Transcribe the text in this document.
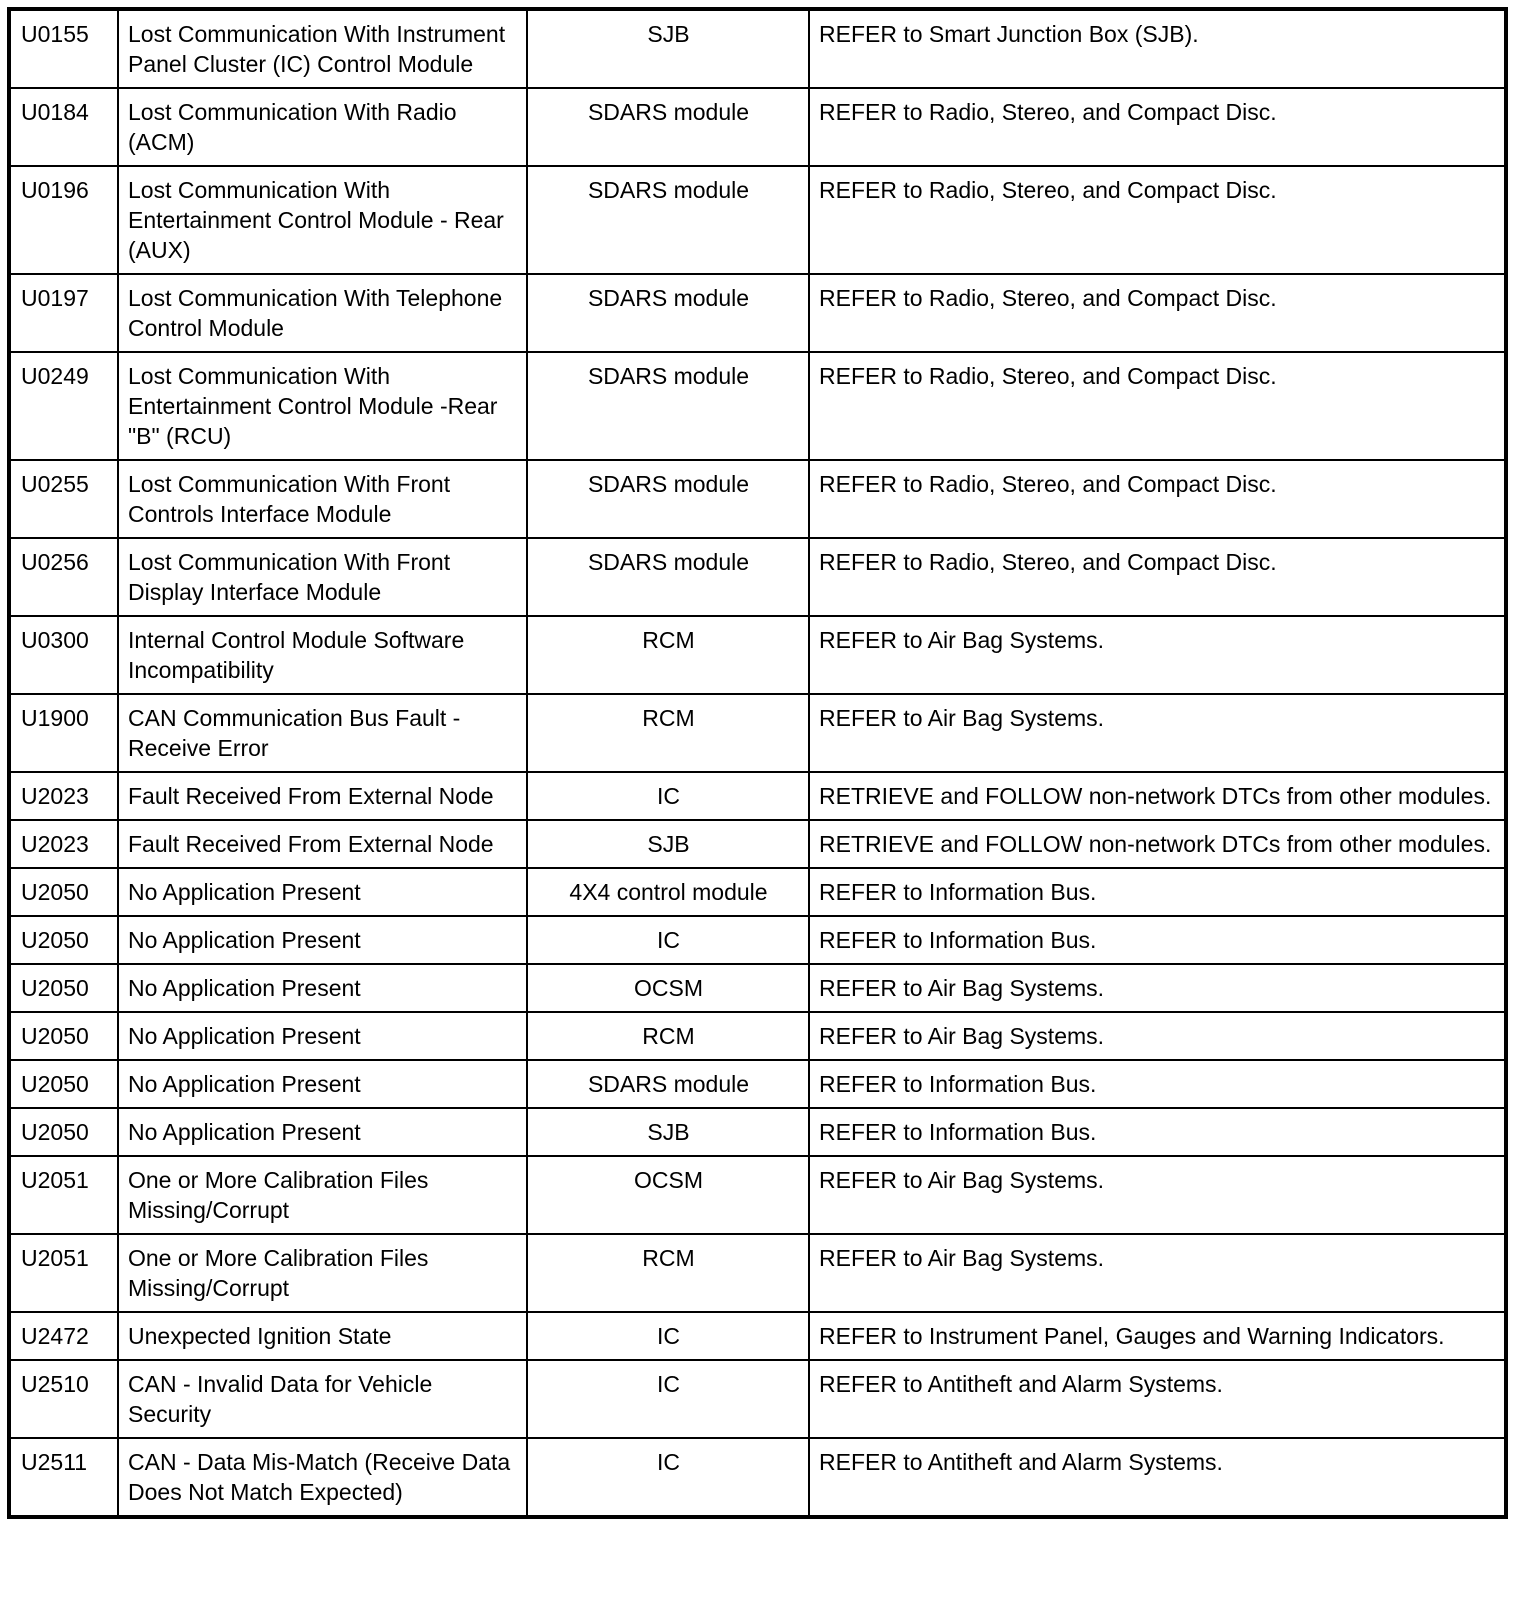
U0155	Lost Communication With Instrument Panel Cluster (IC) Control Module	SJB	REFER to Smart Junction Box (SJB).
U0184	Lost Communication With Radio (ACM)	SDARS module	REFER to Radio, Stereo, and Compact Disc.
U0196	Lost Communication With Entertainment Control Module - Rear (AUX)	SDARS module	REFER to Radio, Stereo, and Compact Disc.
U0197	Lost Communication With Telephone Control Module	SDARS module	REFER to Radio, Stereo, and Compact Disc.
U0249	Lost Communication With Entertainment Control Module -Rear "B" (RCU)	SDARS module	REFER to Radio, Stereo, and Compact Disc.
U0255	Lost Communication With Front Controls Interface Module	SDARS module	REFER to Radio, Stereo, and Compact Disc.
U0256	Lost Communication With Front Display Interface Module	SDARS module	REFER to Radio, Stereo, and Compact Disc.
U0300	Internal Control Module Software Incompatibility	RCM	REFER to Air Bag Systems.
U1900	CAN Communication Bus Fault - Receive Error	RCM	REFER to Air Bag Systems.
U2023	Fault Received From External Node	IC	RETRIEVE and FOLLOW non-network DTCs from other modules.
U2023	Fault Received From External Node	SJB	RETRIEVE and FOLLOW non-network DTCs from other modules.
U2050	No Application Present	4X4 control module	REFER to Information Bus.
U2050	No Application Present	IC	REFER to Information Bus.
U2050	No Application Present	OCSM	REFER to Air Bag Systems.
U2050	No Application Present	RCM	REFER to Air Bag Systems.
U2050	No Application Present	SDARS module	REFER to Information Bus.
U2050	No Application Present	SJB	REFER to Information Bus.
U2051	One or More Calibration Files Missing/Corrupt	OCSM	REFER to Air Bag Systems.
U2051	One or More Calibration Files Missing/Corrupt	RCM	REFER to Air Bag Systems.
U2472	Unexpected Ignition State	IC	REFER to Instrument Panel, Gauges and Warning Indicators.
U2510	CAN - Invalid Data for Vehicle Security	IC	REFER to Antitheft and Alarm Systems.
U2511	CAN - Data Mis-Match (Receive Data Does Not Match Expected)	IC	REFER to Antitheft and Alarm Systems.
